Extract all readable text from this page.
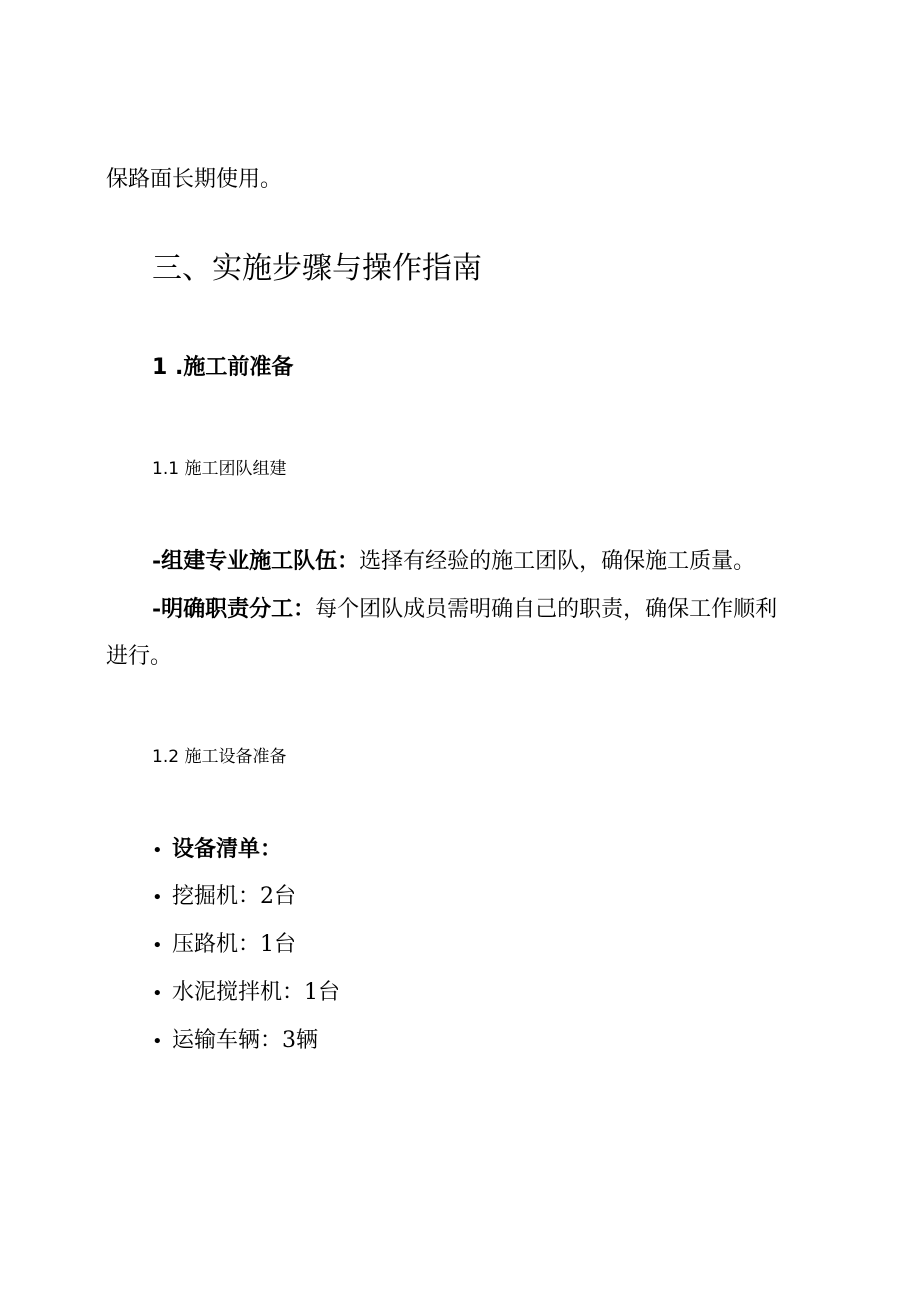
保路面长期使用。
三、实施步骤与操作指南
1 .施工前准备
1.1 施工团队组建
-组建专业施工队伍：选择有经验的施工团队，确保施工质量。
-明确职责分工：每个团队成员需明确自己的职责，确保工作顺利
进行。
1.2 施工设备准备
• 设备清单：
• 挖掘机：2台
• 压路机：1台
• 水泥搅拌机：1台
• 运输车辆：3辆
